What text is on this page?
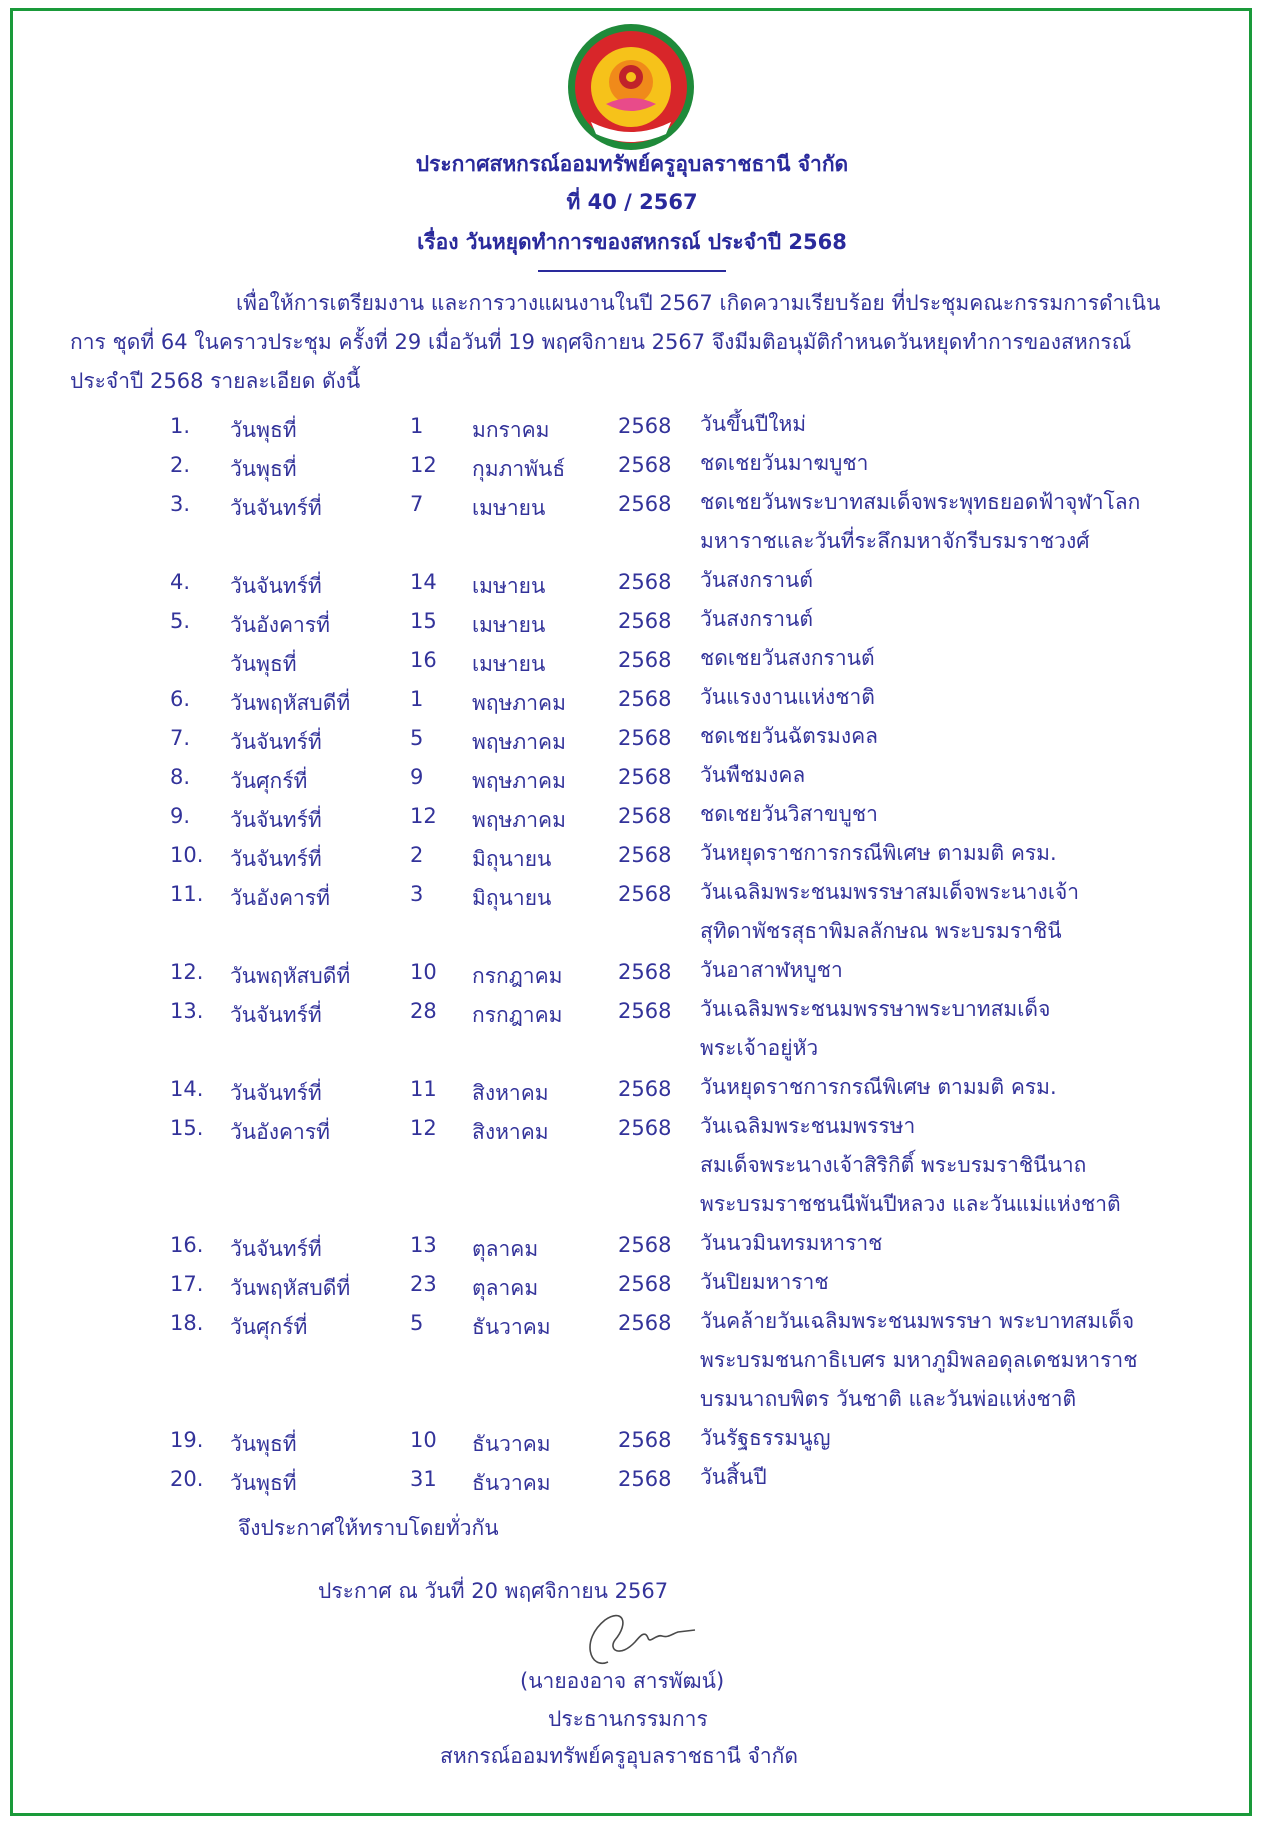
ประกาศสหกรณ์ออมทรัพย์ครูอุบลราชธานี จำกัด
ที่ 40 / 2567
เรื่อง วันหยุดทำการของสหกรณ์ ประจำปี 2568
เพื่อให้การเตรียมงาน และการวางแผนงานในปี 2567 เกิดความเรียบร้อย ที่ประชุมคณะกรรมการดำเนินการ ชุดที่ 64 ในคราวประชุม ครั้งที่ 29 เมื่อวันที่ 19 พฤศจิกายน 2567 จึงมีมติอนุมัติกำหนดวันหยุดทำการของสหกรณ์ ประจำปี 2568 รายละเอียด ดังนี้
1. วันพุธที่	1 มกราคม	2568 วันขึ้นปีใหม่
2. วันพุธที่	12 กุมภาพันธ์	2568 ชดเชยวันมาฆบูชา
3. วันจันทร์ที่	7 เมษายน	2568 ชดเชยวันพระบาทสมเด็จพระพุทธยอดฟ้าจุฬาโลก
มหาราชและวันที่ระลึกมหาจักรีบรมราชวงศ์
4. วันจันทร์ที่	14 เมษายน	2568 วันสงกรานต์
5. วันอังคารที่	15 เมษายน	2568 วันสงกรานต์
วันพุธที่	16 เมษายน	2568 ชดเชยวันสงกรานต์
6. วันพฤหัสบดีที่	1 พฤษภาคม 2568 วันแรงงานแห่งชาติ
7. วันจันทร์ที่	5 พฤษภาคม 2568 ชดเชยวันฉัตรมงคล
8. วันศุกร์ที่	9 พฤษภาคม 2568 วันพืชมงคล
9. วันจันทร์ที่	12 พฤษภาคม 2568 ชดเชยวันวิสาขบูชา
10. วันจันทร์ที่	2 มิถุนายน	2568 วันหยุดราชการกรณีพิเศษ ตามมติ ครม.
11. วันอังคารที่	3 มิถุนายน	2568 วันเฉลิมพระชนมพรรษาสมเด็จพระนางเจ้า
สุทิดาพัชรสุธาพิมลลักษณ พระบรมราชินี
12. วันพฤหัสบดีที่	10 กรกฎาคม	2568 วันอาสาฬหบูชา
13. วันจันทร์ที่	28 กรกฎาคม	2568 วันเฉลิมพระชนมพรรษาพระบาทสมเด็จ
พระเจ้าอยู่หัว
14. วันจันทร์ที่	11 สิงหาคม	2568 วันหยุดราชการกรณีพิเศษ ตามมติ ครม.
15. วันอังคารที่	12 สิงหาคม	2568 วันเฉลิมพระชนมพรรษา
สมเด็จพระนางเจ้าสิริกิติ์ พระบรมราชินีนาถ
พระบรมราชชนนีพันปีหลวง และวันแม่แห่งชาติ
16. วันจันทร์ที่	13 ตุลาคม	2568 วันนวมินทรมหาราช
17. วันพฤหัสบดีที่	23 ตุลาคม	2568 วันปิยมหาราช
18. วันศุกร์ที่	5 ธันวาคม	2568 วันคล้ายวันเฉลิมพระชนมพรรษา พระบาทสมเด็จ
พระบรมชนกาธิเบศร มหาภูมิพลอดุลเดชมหาราช
บรมนาถบพิตร วันชาติ และวันพ่อแห่งชาติ
19. วันพุธที่	10 ธันวาคม	2568 วันรัฐธรรมนูญ
20. วันพุธที่	31 ธันวาคม	2568 วันสิ้นปี
จึงประกาศให้ทราบโดยทั่วกัน
ประกาศ ณ วันที่ 20 พฤศจิกายน 2567
(นายองอาจ สารพัฒน์)
ประธานกรรมการ
สหกรณ์ออมทรัพย์ครูอุบลราชธานี จำกัด
